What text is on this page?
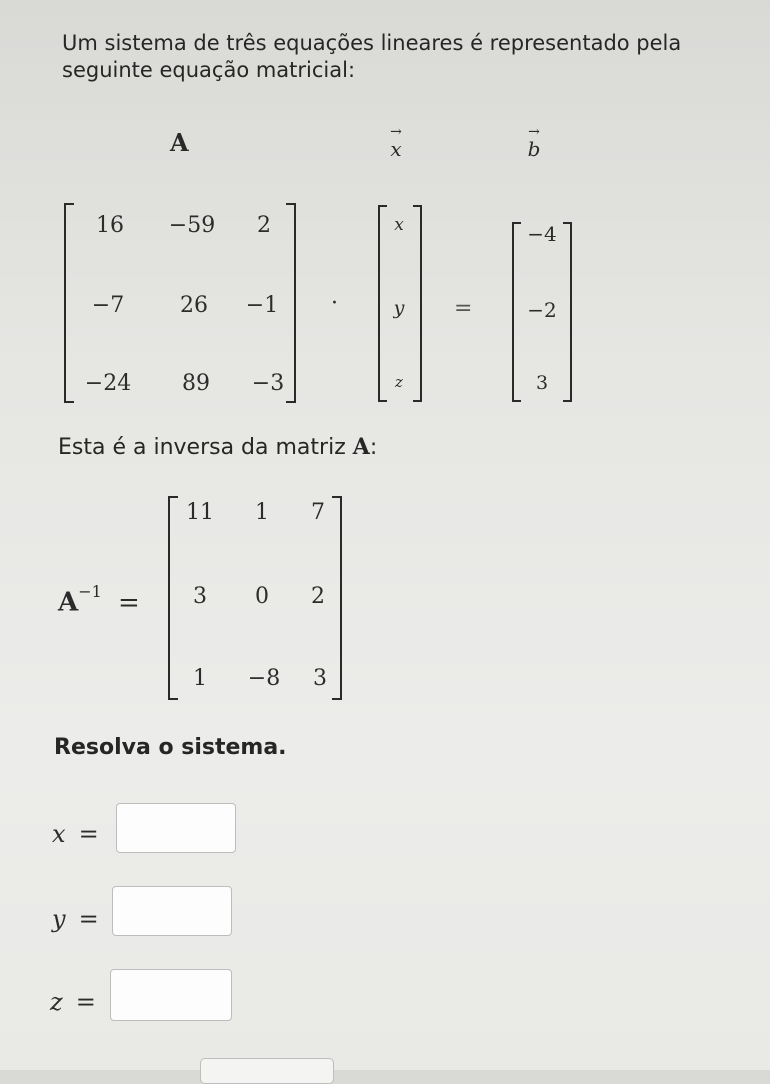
Um sistema de três equações lineares é representado pela seguinte equação matricial:
A	→
x
→
b
16	−59	2
−7	26	−1
−24	89	−3
·
x
y
z
=
−4
−2
3
Esta é a inversa da matriz A:
$A^{-1}$ =
11	1	7
3	0	2
1	−8	3
Resolva o sistema.
x =
y =
z =
